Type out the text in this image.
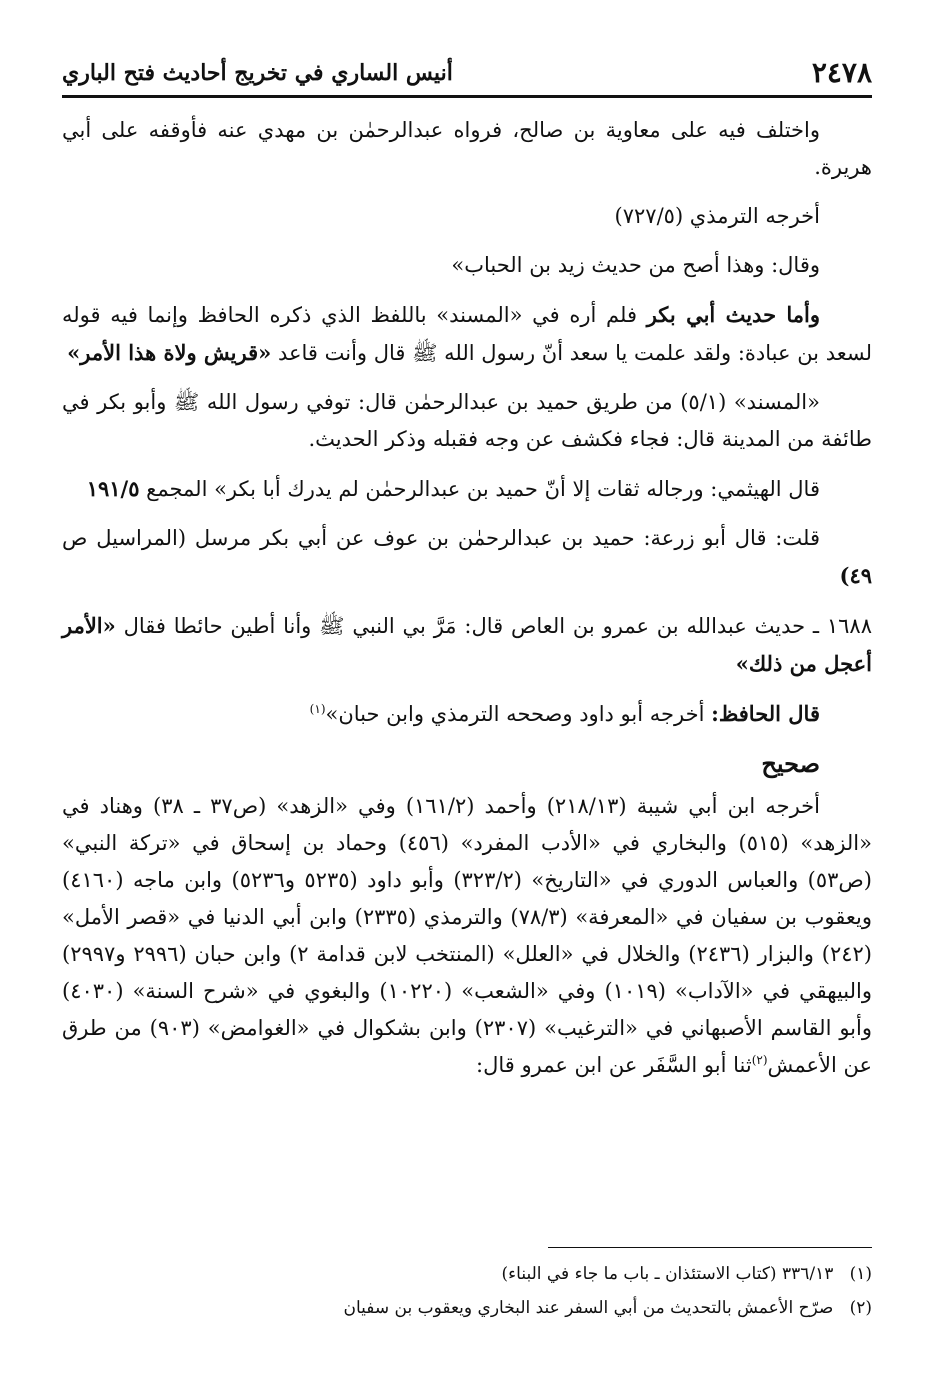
٢٤٧٨
أنيس الساري في تخريج أحاديث فتح الباري

واختلف فيه على معاوية بن صالح، فرواه عبدالرحمٰن بن مهدي عنه فأوقفه على أبي هريرة.

أخرجه الترمذي (٧٢٧/٥)

وقال: وهذا أصح من حديث زيد بن الحباب»

وأما حديث أبي بكر فلم أره في «المسند» باللفظ الذي ذكره الحافظ وإنما فيه قوله لسعد بن عبادة: ولقد علمت يا سعد أنّ رسول الله ﷺ قال وأنت قاعد «قريش ولاة هذا الأمر»

«المسند» (٥/١) من طريق حميد بن عبدالرحمٰن قال: توفي رسول الله ﷺ وأبو بكر في طائفة من المدينة قال: فجاء فكشف عن وجه فقبله وذكر الحديث.

قال الهيثمي: ورجاله ثقات إلا أنّ حميد بن عبدالرحمٰن لم يدرك أبا بكر» المجمع ١٩١/٥

قلت: قال أبو زرعة: حميد بن عبدالرحمٰن بن عوف عن أبي بكر مرسل (المراسيل ص ٤٩)

١٦٨٨ ـ حديث عبدالله بن عمرو بن العاص قال: مَرَّ بي النبي ﷺ وأنا أطين حائطا فقال «الأمر أعجل من ذلك»

قال الحافظ: أخرجه أبو داود وصححه الترمذي وابن حبان»$^{(١)}$

صحيح

أخرجه ابن أبي شيبة (٢١٨/١٣) وأحمد (١٦١/٢) وفي «الزهد» (ص٣٧ ـ ٣٨) وهناد في «الزهد» (٥١٥) والبخاري في «الأدب المفرد» (٤٥٦) وحماد بن إسحاق في «تركة النبي» (ص٥٣) والعباس الدوري في «التاريخ» (٣٢٣/٢) وأبو داود (٥٢٣٥ و٥٢٣٦) وابن ماجه (٤١٦٠) ويعقوب بن سفيان في «المعرفة» (٧٨/٣) والترمذي (٢٣٣٥) وابن أبي الدنيا في «قصر الأمل» (٢٤٢) والبزار (٢٤٣٦) والخلال في «العلل» (المنتخب لابن قدامة ٢) وابن حبان (٢٩٩٦ و٢٩٩٧) والبيهقي في «الآداب» (١٠١٩) وفي «الشعب» (١٠٢٢٠) والبغوي في «شرح السنة» (٤٠٣٠) وأبو القاسم الأصبهاني في «الترغيب» (٢٣٠٧) وابن بشكوال في «الغوامض» (٩٠٣) من طرق عن الأعمش$^{(٢)}$ثنا أبو السَّفَر عن ابن عمرو قال:

(١)   ٣٣٦/١٣ (كتاب الاستئذان ـ باب ما جاء في البناء)
(٢)   صرّح الأعمش بالتحديث من أبي السفر عند البخاري ويعقوب بن سفيان
